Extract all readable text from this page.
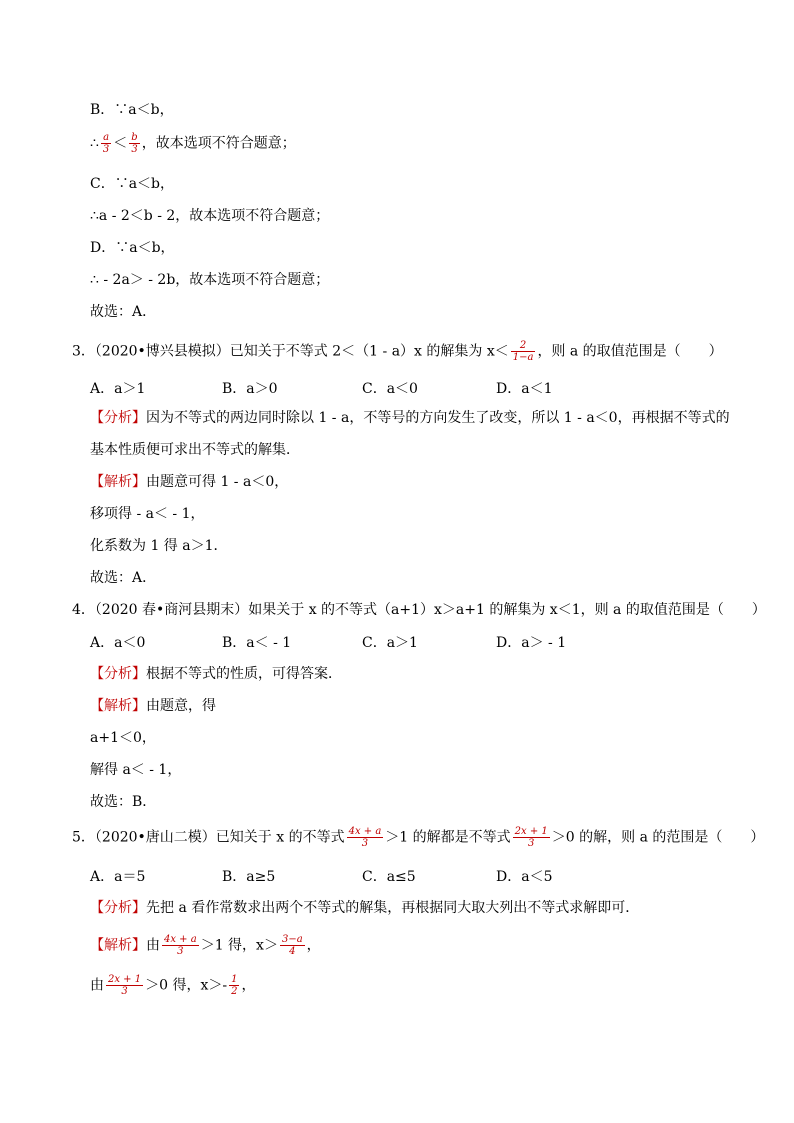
B．∵a＜b，
∴ $\frac{a}{3} < \frac{b}{3}$ ，故本选项不符合题意；
C．∵a＜b，
∴a - 2＜b - 2，故本选项不符合题意；
D．∵a＜b，
∴ - 2a＞ - 2b，故本选项不符合题意；
故选：A．
3．（2020•博兴县模拟）已知关于不等式 2＜（1 - a）x 的解集为 $x< \frac{2}{1-a}$ ，则 a 的取值范围是（　　）
A．a＞1	B．a＞0	C．a＜0	D．a＜1
【分析】因为不等式的两边同时除以 1 - a，不等号的方向发生了改变，所以 1 - a＜0，再根据不等式的
基本性质便可求出不等式的解集．
【解析】由题意可得 1 - a＜0，
移项得 - a＜ - 1，
化系数为 1 得 a＞1．
故选：A．
4．（2020 春•商河县期末）如果关于 x 的不等式（a+1）x＞a+1 的解集为 x＜1，则 a 的取值范围是（　　）
A．a＜0	B．a＜ - 1	C．a＞1	D．a＞ - 1
【分析】根据不等式的性质，可得答案．
【解析】由题意，得
a+1＜0，
解得 a＜ - 1，
故选：B．
5．（2020•唐山二模）已知关于 x 的不等式 $\frac{4x + a}{3} >1$ 的解都是不等式 $\frac{2x + 1}{3} >0$ 的解，则 a 的范围是（　　）
A．a＝5	B．a≥5	C．a≤5	D．a＜5
【分析】先把 a 看作常数求出两个不等式的解集，再根据同大取大列出不等式求解即可．
【解析】由 $\frac{4x + a}{3} >1$ 得，$x> \frac{3-a}{4}$ ，
由 $\frac{2x + 1}{3} >0$ 得，$x>- \frac{1}{2}$ ，
